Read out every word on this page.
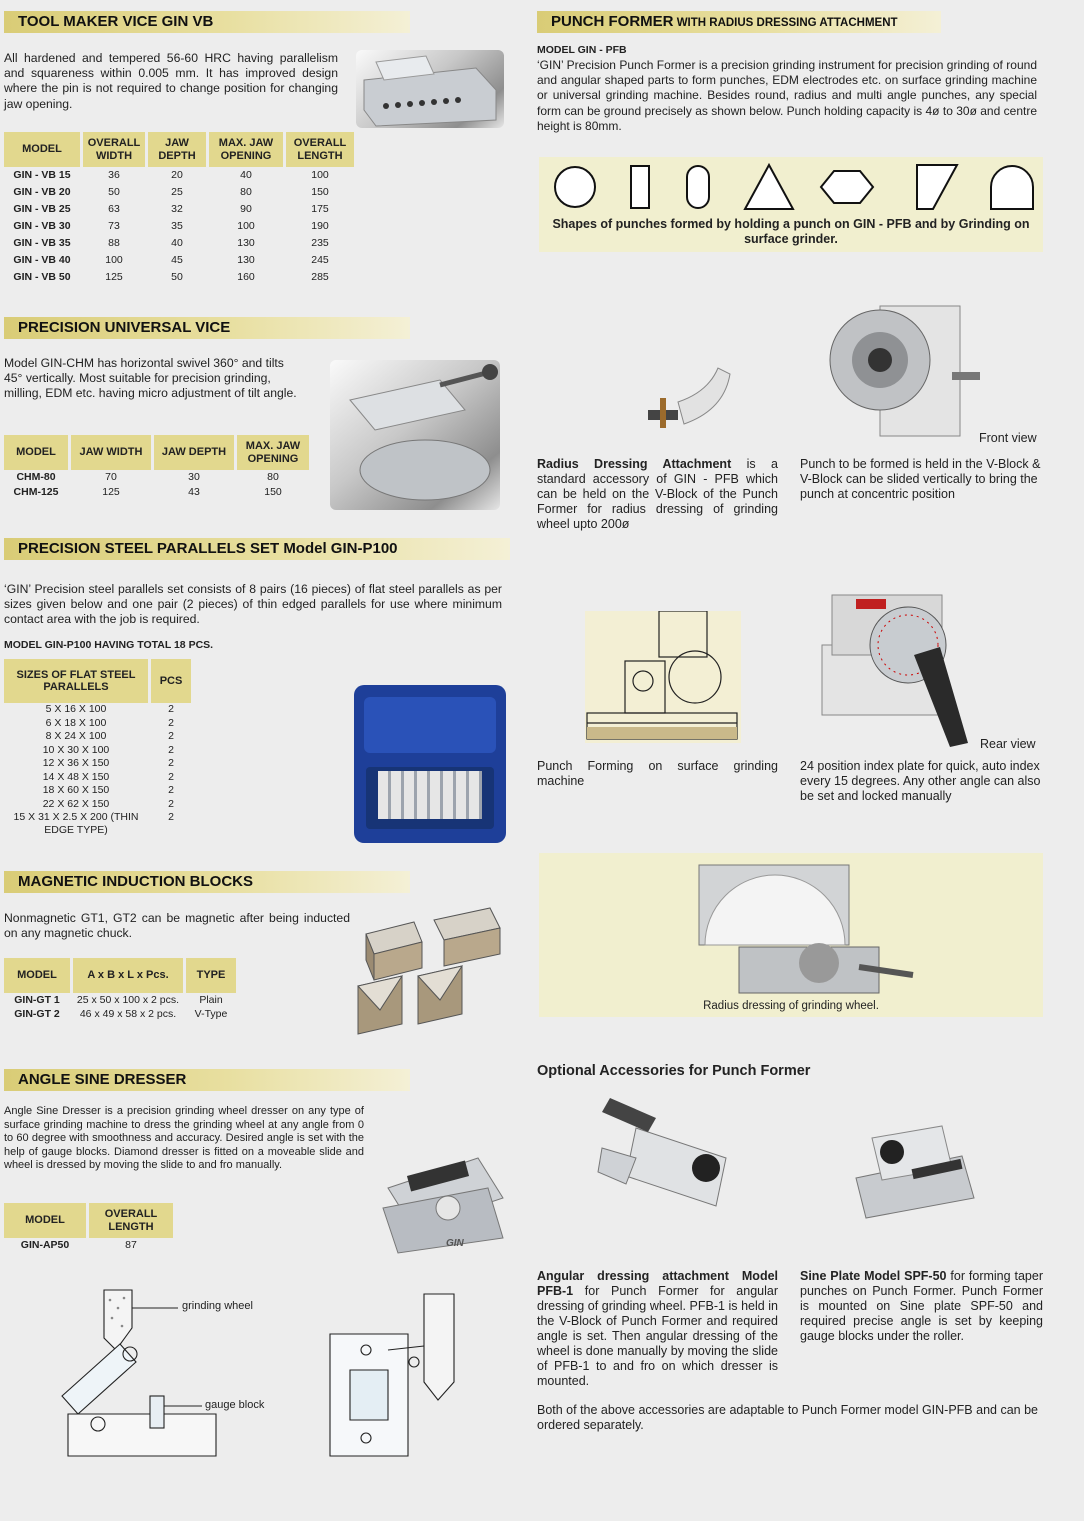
TOOL MAKER VICE GIN VB

All hardened and tempered 56-60 HRC having parallelism and squareness within 0.005 mm. It has improved design where the pin is not required to change position for changing jaw opening.

MODEL	OVERALL WIDTH	JAW DEPTH	MAX. JAW OPENING	OVERALL LENGTH

GIN - VB 15	36	20	40	100
GIN - VB 20	50	25	80	150
GIN - VB 25	63	32	90	175
GIN - VB 30	73	35	100	190
GIN - VB 35	88	40	130	235
GIN - VB 40	100	45	130	245
GIN - VB 50	125	50	160	285
PRECISION UNIVERSAL VICE

Model GIN-CHM has horizontal swivel 360° and tilts 45° vertically. Most suitable for precision grinding, milling, EDM etc. having micro adjustment of tilt angle.

MODEL	JAW WIDTH	JAW DEPTH	MAX. JAW OPENING

CHM-80	70	30	80
CHM-125	125	43	150
PRECISION STEEL PARALLELS SET Model GIN-P100

‘GIN’ Precision steel parallels set consists of 8 pairs (16 pieces) of flat steel parallels as per sizes given below and one pair (2 pieces) of thin edged parallels for use where minimum contact area with the job is required.

MODEL GIN-P100 HAVING TOTAL 18 PCS.
SIZES OF FLAT STEEL PARALLELS	PCS

5 X 16 X 100	2
6 X 18 X 100	2
8 X 24 X 100	2
10 X 30 X 100	2
12 X 36 X 150	2
14 X 48 X 150	2
18 X 60 X 150	2
22 X 62 X 150	2
15 X 31 X 2.5 X 200 (THIN EDGE TYPE)	2
MAGNETIC INDUCTION BLOCKS

Nonmagnetic GT1, GT2 can be magnetic after being inducted on any magnetic chuck.

MODEL	A x B x L x Pcs.	TYPE

GIN-GT 1	25 x 50 x 100 x 2 pcs.	Plain
GIN-GT 2	46 x 49 x 58 x 2 pcs.	V-Type
ANGLE SINE DRESSER

Angle Sine Dresser is a precision grinding wheel dresser on any type of surface grinding machine to dress the grinding wheel at any angle from 0 to 60 degree with smoothness and accuracy. Desired angle is set with the help of gauge blocks. Diamond dresser is fitted on a moveable slide and wheel is dressed by moving the slide to and fro manually.

MODEL	OVERALL LENGTH

GIN-AP50	87	GIN
grinding wheel
gauge block
PUNCH FORMER WITH RADIUS DRESSING ATTACHMENT
MODEL GIN - PFB

‘GIN’ Precision Punch Former is a precision grinding instrument for precision grinding of round and angular shaped parts to form punches, EDM electrodes etc. on surface grinding machine or universal grinding machine. Besides round, radius and multi angle punches, any special form can be ground precisely as shown below. Punch holding capacity is 4ø to 30ø and centre height is 80mm.

Shapes of punches formed by holding a punch on GIN - PFB and by Grinding on surface grinder.
Front view

Radius Dressing Attachment is a standard accessory of GIN - PFB which can be held on the V-Block of the Punch Former for radius dressing of grinding wheel upto 200ø

Punch to be formed is held in the V-Block & V-Block can be slided vertically to bring the punch at concentric position

Rear view

Punch Forming on surface grinding machine

24 position index plate for quick, auto index every 15 degrees. Any other angle can also be set and locked manually

Radius dressing of grinding wheel.
Optional Accessories for Punch Former

Angular dressing attachment Model PFB-1 for Punch Former for angular dressing of grinding wheel. PFB-1 is held in the V-Block of Punch Former and required angle is set. Then angular dressing of the wheel is done manually by moving the slide of PFB-1 to and fro on which dresser is mounted.

Sine Plate Model SPF-50 for forming taper punches on Punch Former. Punch Former is mounted on Sine plate SPF-50 and required precise angle is set by keeping gauge blocks under the roller.

Both of the above accessories are adaptable to Punch Former model GIN-PFB and can be ordered separately.
